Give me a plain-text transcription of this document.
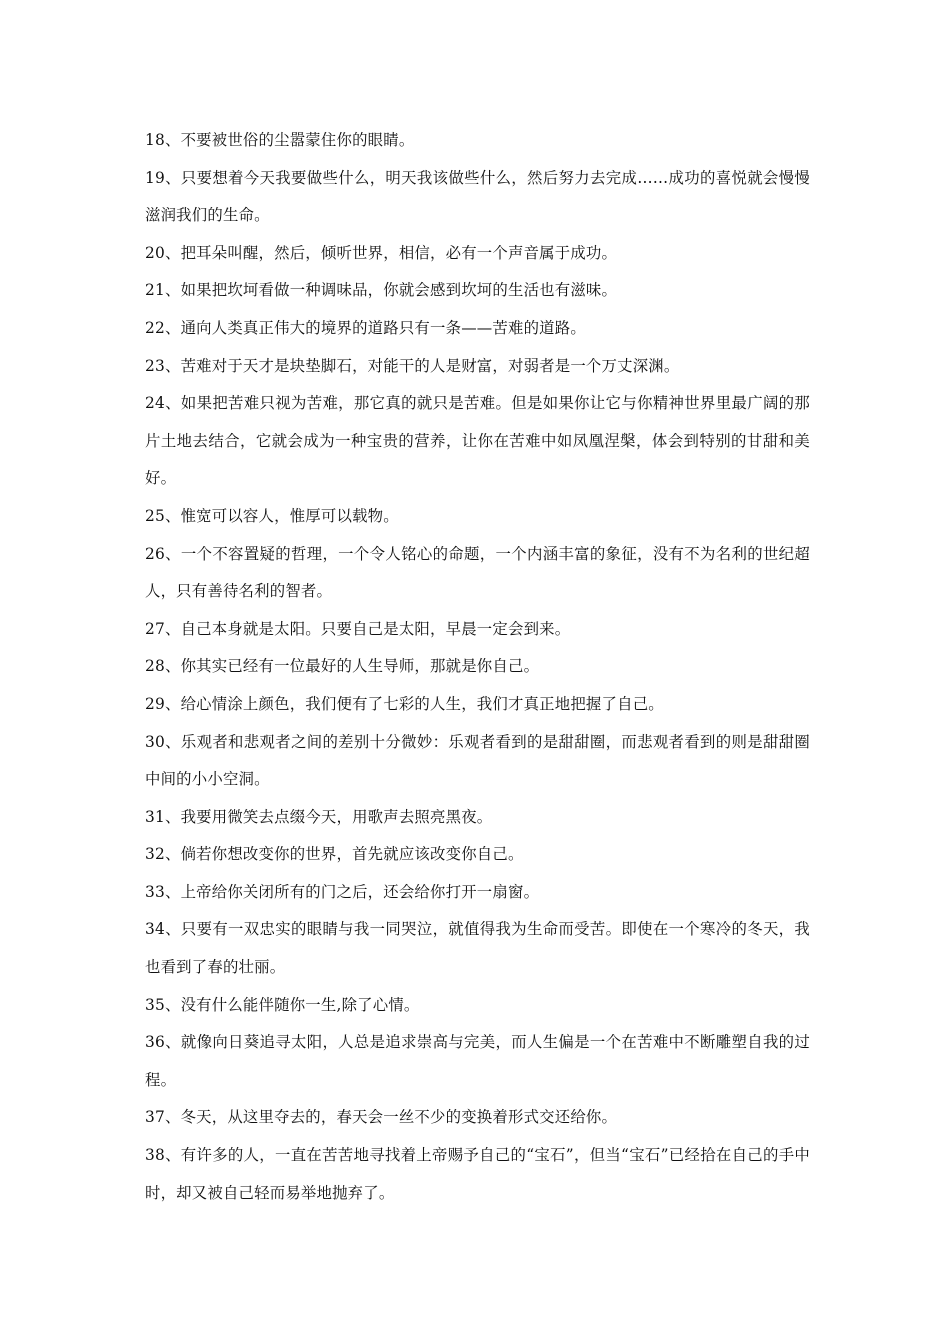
18、不要被世俗的尘嚣蒙住你的眼睛。

19、只要想着今天我要做些什么，明天我该做些什么，然后努力去完成……成功的喜悦就会慢慢滋润我们的生命。

20、把耳朵叫醒，然后，倾听世界，相信，必有一个声音属于成功。

21、如果把坎坷看做一种调味品，你就会感到坎坷的生活也有滋味。

22、通向人类真正伟大的境界的道路只有一条——苦难的道路。

23、苦难对于天才是块垫脚石，对能干的人是财富，对弱者是一个万丈深渊。

24、如果把苦难只视为苦难，那它真的就只是苦难。但是如果你让它与你精神世界里最广阔的那片土地去结合，它就会成为一种宝贵的营养，让你在苦难中如凤凰涅槃，体会到特别的甘甜和美好。

25、惟宽可以容人，惟厚可以载物。

26、一个不容置疑的哲理，一个令人铭心的命题，一个内涵丰富的象征，没有不为名利的世纪超人，只有善待名利的智者。

27、自己本身就是太阳。只要自己是太阳，早晨一定会到来。

28、你其实已经有一位最好的人生导师，那就是你自己。

29、给心情涂上颜色，我们便有了七彩的人生，我们才真正地把握了自己。

30、乐观者和悲观者之间的差别十分微妙：乐观者看到的是甜甜圈，而悲观者看到的则是甜甜圈中间的小小空洞。

31、我要用微笑去点缀今天，用歌声去照亮黑夜。

32、倘若你想改变你的世界，首先就应该改变你自己。

33、上帝给你关闭所有的门之后，还会给你打开一扇窗。

34、只要有一双忠实的眼睛与我一同哭泣，就值得我为生命而受苦。即使在一个寒冷的冬天，我也看到了春的壮丽。

35、没有什么能伴随你一生,除了心情。

36、就像向日葵追寻太阳，人总是追求崇高与完美，而人生偏是一个在苦难中不断雕塑自我的过程。

37、冬天，从这里夺去的，春天会一丝不少的变换着形式交还给你。

38、有许多的人，一直在苦苦地寻找着上帝赐予自己的“宝石”，但当“宝石”已经拾在自己的手中时，却又被自己轻而易举地抛弃了。
